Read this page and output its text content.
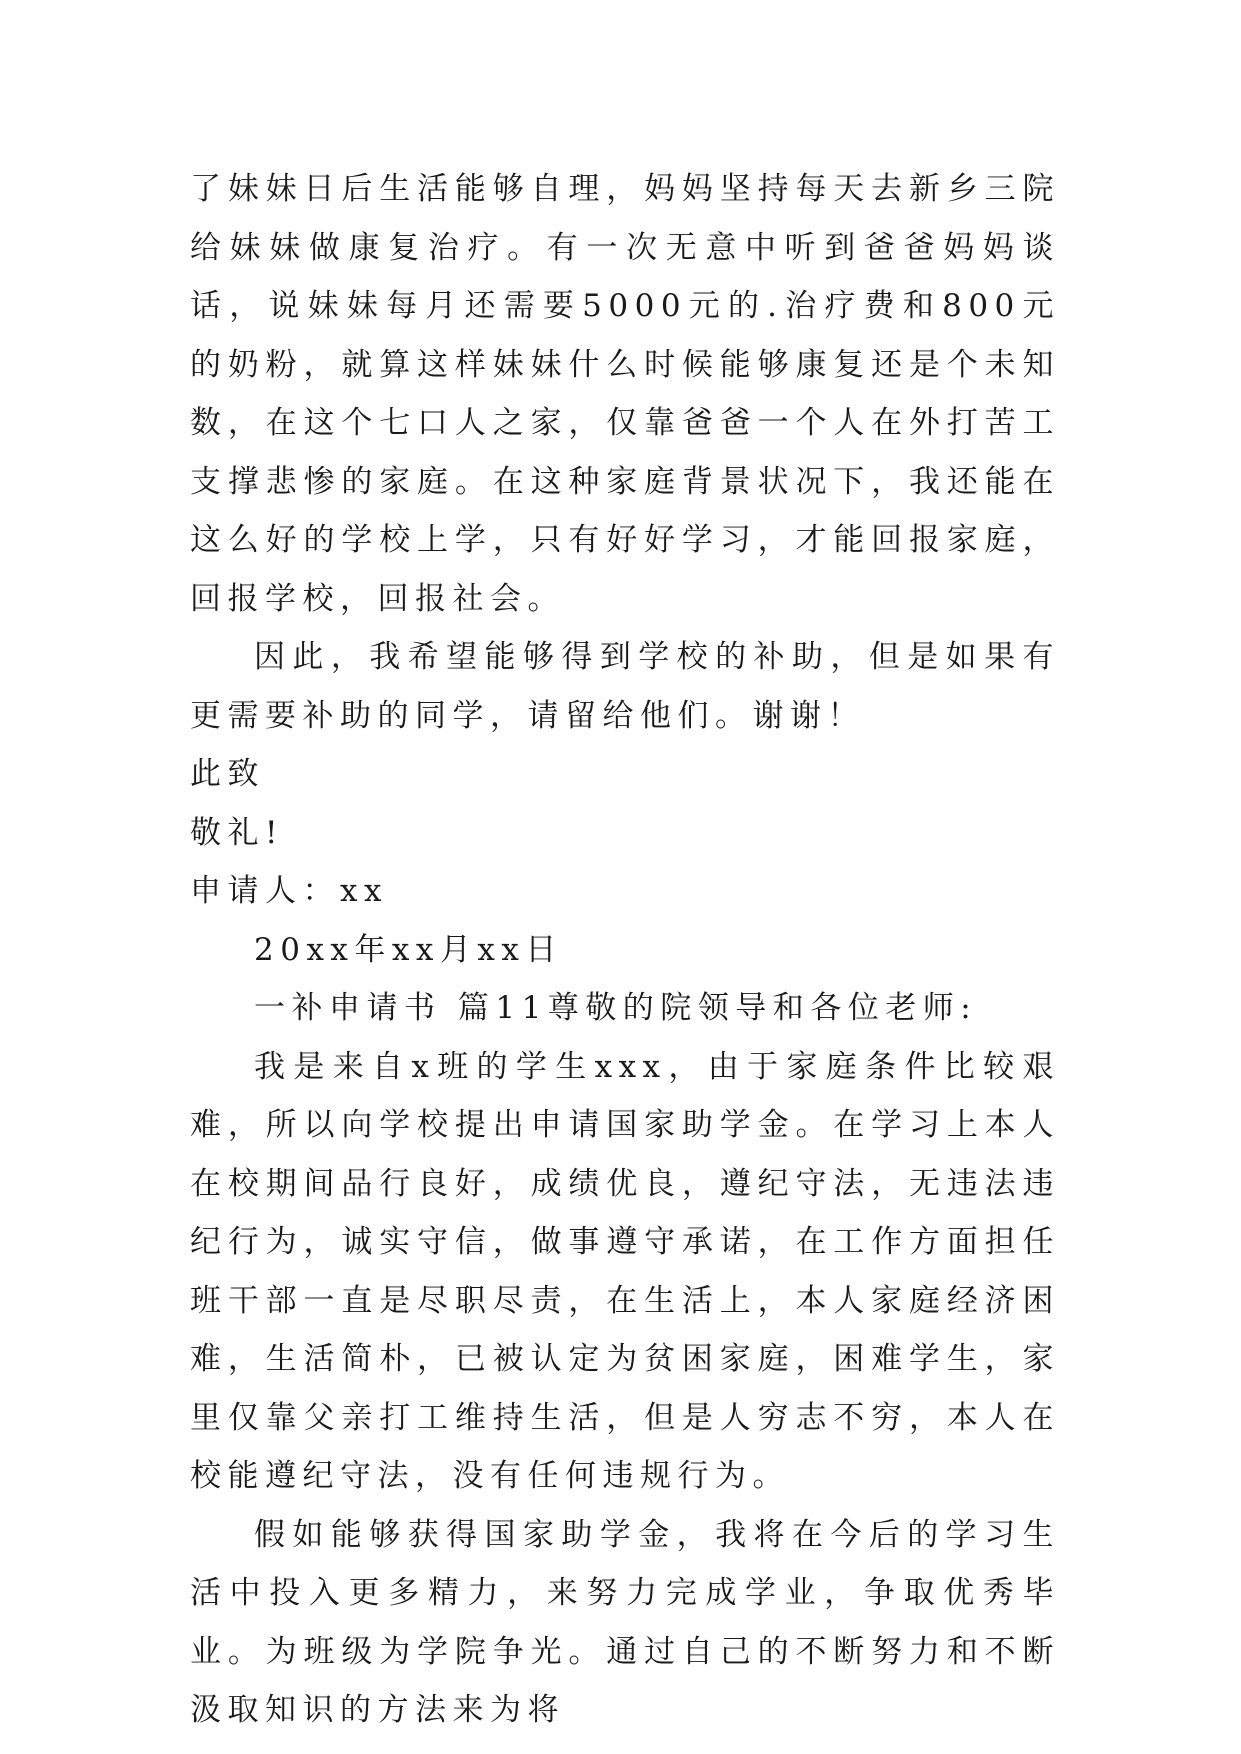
了妹妹日后生活能够自理，妈妈坚持每天去新乡三院给妹妹做康复治疗。有一次无意中听到爸爸妈妈谈话，说妹妹每月还需要5000元的.治疗费和800元的奶粉，就算这样妹妹什么时候能够康复还是个未知数，在这个七口人之家，仅靠爸爸一个人在外打苦工支撑悲惨的家庭。在这种家庭背景状况下，我还能在这么好的学校上学，只有好好学习，才能回报家庭，回报学校，回报社会。

因此，我希望能够得到学校的补助，但是如果有更需要补助的同学，请留给他们。谢谢！

此致

敬礼!

申请人：xx

20xx年xx月xx日

一补申请书 篇11尊敬的院领导和各位老师:

我是来自x班的学生xxx，由于家庭条件比较艰难，所以向学校提出申请国家助学金。在学习上本人在校期间品行良好，成绩优良，遵纪守法，无违法违纪行为，诚实守信，做事遵守承诺，在工作方面担任班干部一直是尽职尽责，在生活上，本人家庭经济困难，生活简朴，已被认定为贫困家庭，困难学生，家里仅靠父亲打工维持生活，但是人穷志不穷，本人在校能遵纪守法，没有任何违规行为。

假如能够获得国家助学金，我将在今后的学习生活中投入更多精力，来努力完成学业，争取优秀毕业。为班级为学院争光。通过自己的不断努力和不断汲取知识的方法来为将
